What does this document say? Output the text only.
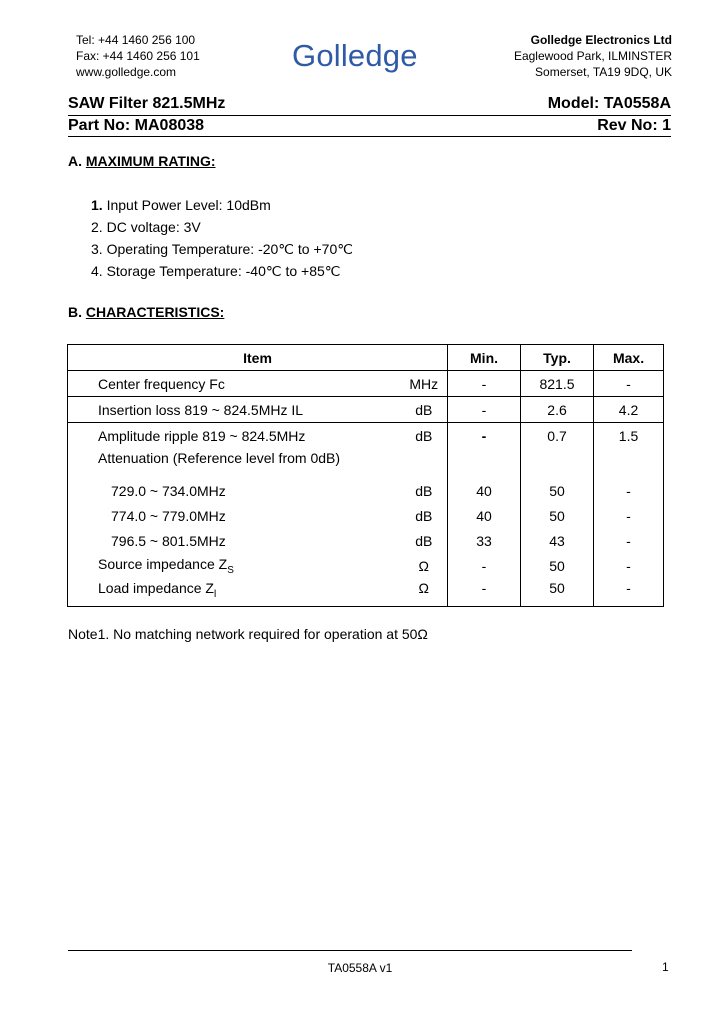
Tel: +44 1460 256 100
Fax: +44 1460 256 101
www.golledge.com	Golledge	Golledge Electronics Ltd
Eaglewood Park, ILMINSTER
Somerset, TA19 9DQ, UK
SAW Filter 821.5MHz	Model: TA0558A
Part No: MA08038	Rev No: 1
A. MAXIMUM RATING:
1. Input Power Level: 10dBm
2. DC voltage: 3V
3. Operating Temperature: -20℃ to +70℃
4. Storage Temperature: -40℃ to +85℃
B. CHARACTERISTICS:
Item		Min.	Typ.	Max.
Center frequency Fc	MHz	-	821.5	-
Insertion loss 819 ~ 824.5MHz IL	dB	-	2.6	4.2
Amplitude ripple 819 ~ 824.5MHz	dB	-	0.7	1.5
Attenuation (Reference level from 0dB)				
729.0 ~ 734.0MHz	dB	40	50	-
774.0 ~ 779.0MHz	dB	40	50	-
796.5 ~ 801.5MHz	dB	33	43	-
Source impedance $Z_S$	Ω	-	50	-
Load impedance $Z_l$	Ω	-	50	-
Note1. No matching network required for operation at 50Ω
TA0558A v1	1
